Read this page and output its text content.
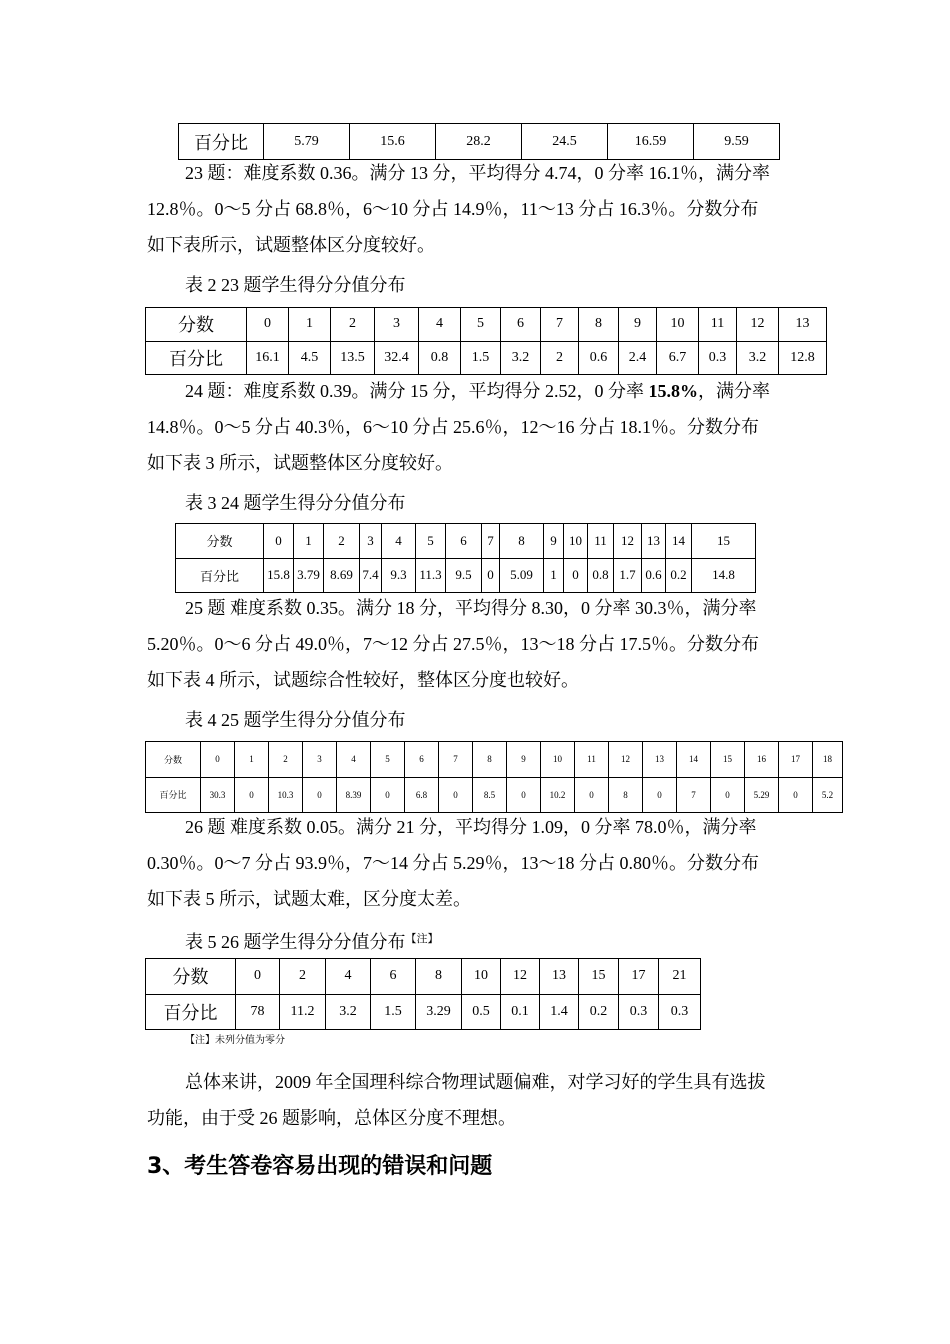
百分比	5.79	15.6	28.2	24.5	16.59	9.59
23 题：难度系数 0.36。满分 13 分，平均得分 4.74，0 分率 16.1％，满分率
12.8％。0～5 分占 68.8％，6～10 分占 14.9％，11～13 分占 16.3％。分数分布
如下表所示，试题整体区分度较好。
表 2 23 题学生得分分值分布
分数	0	1	2	3	4	5	6	7	8	9	10	11	12	13
百分比	16.1	4.5	13.5	32.4	0.8	1.5	3.2	2	0.6	2.4	6.7	0.3	3.2	12.8
24 题：难度系数 0.39。满分 15 分，平均得分 2.52，0 分率 15.8%，满分率
14.8％。0～5 分占 40.3％，6～10 分占 25.6％，12～16 分占 18.1％。分数分布
如下表 3 所示，试题整体区分度较好。
表 3 24 题学生得分分值分布
分数	0	1	2	3	4	5	6	7	8	9	10	11	12	13	14	15
百分比	15.8	3.79	8.69	7.4	9.3	11.3	9.5	0	5.09	1	0	0.8	1.7	0.6	0.2	14.8
25 题 难度系数 0.35。满分 18 分，平均得分 8.30，0 分率 30.3％，满分率
5.20％。0～6 分占 49.0％，7～12 分占 27.5％，13～18 分占 17.5％。分数分布
如下表 4 所示，试题综合性较好，整体区分度也较好。
表 4 25 题学生得分分值分布
分数	0	1	2	3	4	5	6	7	8	9	10	11	12	13	14	15	16	17	18
百分比	30.3	0	10.3	0	8.39	0	6.8	0	8.5	0	10.2	0	8	0	7	0	5.29	0	5.2
26 题 难度系数 0.05。满分 21 分，平均得分 1.09，0 分率 78.0％，满分率
0.30％。0～7 分占 93.9％，7～14 分占 5.29％，13～18 分占 0.80％。分数分布
如下表 5 所示，试题太难，区分度太差。
表 5 26 题学生得分分值分布$^{【注】}$
分数	0	2	4	6	8	10	12	13	15	17	21
百分比	78	11.2	3.2	1.5	3.29	0.5	0.1	1.4	0.2	0.3	0.3
【注】未列分值为零分
总体来讲，2009 年全国理科综合物理试题偏难，对学习好的学生具有选拔
功能，由于受 26 题影响，总体区分度不理想。
3、考生答卷容易出现的错误和问题
